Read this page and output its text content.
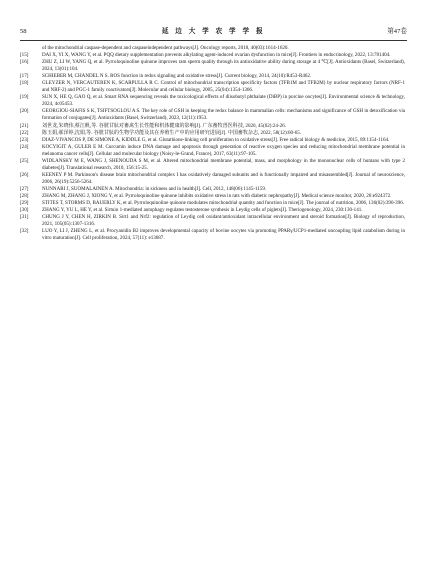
58	延 边 大 学 农 学 学 报	第47卷
of the mitochondrial caspase-dependent and caspaseindependent pathways[J]. Oncology reports, 2018, 40(03):1614-1620.
[15]	DAI X, YI X, WANG Y, et al. PQQ dietary supplementation prevents alkylating agent-induced ovarian dysfunction in mice[J]. Frontiers in endocrinology, 2022, 13:781404.
[16]	ZHU Z, LI W, YANG Q, et al. Pyrroloquinoline quinone improves ram sperm quality through its antioxidative ability during storage at 4 ℃[J]. Antioxidants (Basel, Switzerland), 2024, 13(01):104.
[17]	SCHIEBER M, CHANDEL N S. ROS function in redox signaling and oxidative stress[J]. Current biology, 2014, 24(10):R453-R462.
[18]	GLEYZER N, VERCAUTEREN K, SCARPULLA R C. Control of mitochondrial transcription specificity factors (TFB1M and TFB2M) by nuclear respiratory factors (NRF-1 and NRF-2) and PGC-1 family coactivators[J]. Molecular and cellular biology, 2005, 25(04):1354-1366.
[19]	SUN X, HE Q, GAO Q, et al. Smart RNA sequencing reveals the toxicological effects of diisobutyl phthalate (DiBP) in porcine oocytes[J]. Environmental science & technology, 2024, 4c05453.
[20]	GEORGIOU-SIAFIS S K, TSIFTSOGLOU A S. The key role of GSH in keeping the redox balance in mammalian cells: mechanisms and significance of GSH in detoxification via formation of conjugates[J]. Antioxidants (Basel, Switzerland), 2023, 12(11):1953.
[21]	刘世龙,朱晓伟,蔡江帆,等. 谷胱甘肽对畜禽生长性能和机体健康的影响[J]. 广东畜牧兽医科技, 2020, 45(02):24-26.
[22]	陈玉娟,郝泽婷,沈娟,等. 谷胱甘肽的生物学功能及其在养殖生产中的应用研究进展[J]. 中国畜牧杂志, 2022, 58(12):60-65.
[23]	DIAZ-VIVANCOS P, DE SIMONE A, KIDDLE G, et al. Glutathione-linking cell proliferation to oxidative stress[J]. Free radical biology & medicine, 2015, 89:1154-1164.
[24]	KOCYIGIT A, GULER E M. Curcumin induce DNA damage and apoptosis through generation of reactive oxygen species and reducing mitochondrial membrane potential in melanoma cancer cells[J]. Cellular and molecular biology (Noisy-le-Grand, France), 2017, 63(11):97-105.
[25]	WIDLANSKY M E, WANG J, SHENOUDA S M, et al. Altered mitochondrial membrane potential, mass, and morphology in the mononuclear cells of humans with type 2 diabetes[J]. Translational research, 2010, 156:15-25.
[26]	KEENEY P M. Parkinson's disease brain mitochondrial complex I has oxidatively damaged subunits and is functionally impaired and misassembled[J]. Journal of neuroscience, 2006, 26(19):5256-5264.
[27]	NUNNARI J, SUOMALAINEN A. Mitochondria: in sickness and in health[J]. Cell, 2012, 148(06):1145-1159.
[28]	ZHANG M, ZHANG J, XIONG Y, et al. Pyrroloquinoline quinone inhibits oxidative stress in rats with diabetic nephropathy[J]. Medical science monitor, 2020, 26:e924372.
[29]	STITES T, STORMS D, BAUERLY K, et al. Pyrroloquinoline quinone modulates mitochondrial quantity and function in mice[J]. The journal of nutrition, 2006, 136(02):390-396.
[30]	ZHANG Y, YU L, HE Y, et al. Sirtuin 1-mediated autophagy regulates testosterone synthesis in Leydig cells of piglets[J]. Theriogenology, 2024, 230:130-141.
[31]	CHUNG J Y, CHEN H, ZIRKIN B. Sirt1 and Nrf2: regulation of Leydig cell oxidant/antioxidant intracellular environment and steroid formation[J]. Biology of reproduction, 2021, 105(05):1307-1316.
[32]	LUO Y, LI J, ZHENG L, et al. Procyanidin B2 improves developmental capacity of bovine oocytes via promoting PPARγ/UCP1-mediated uncoupling lipid catabolism during in vitro maturation[J]. Cell proliferation, 2024, 57(11): e13687.
